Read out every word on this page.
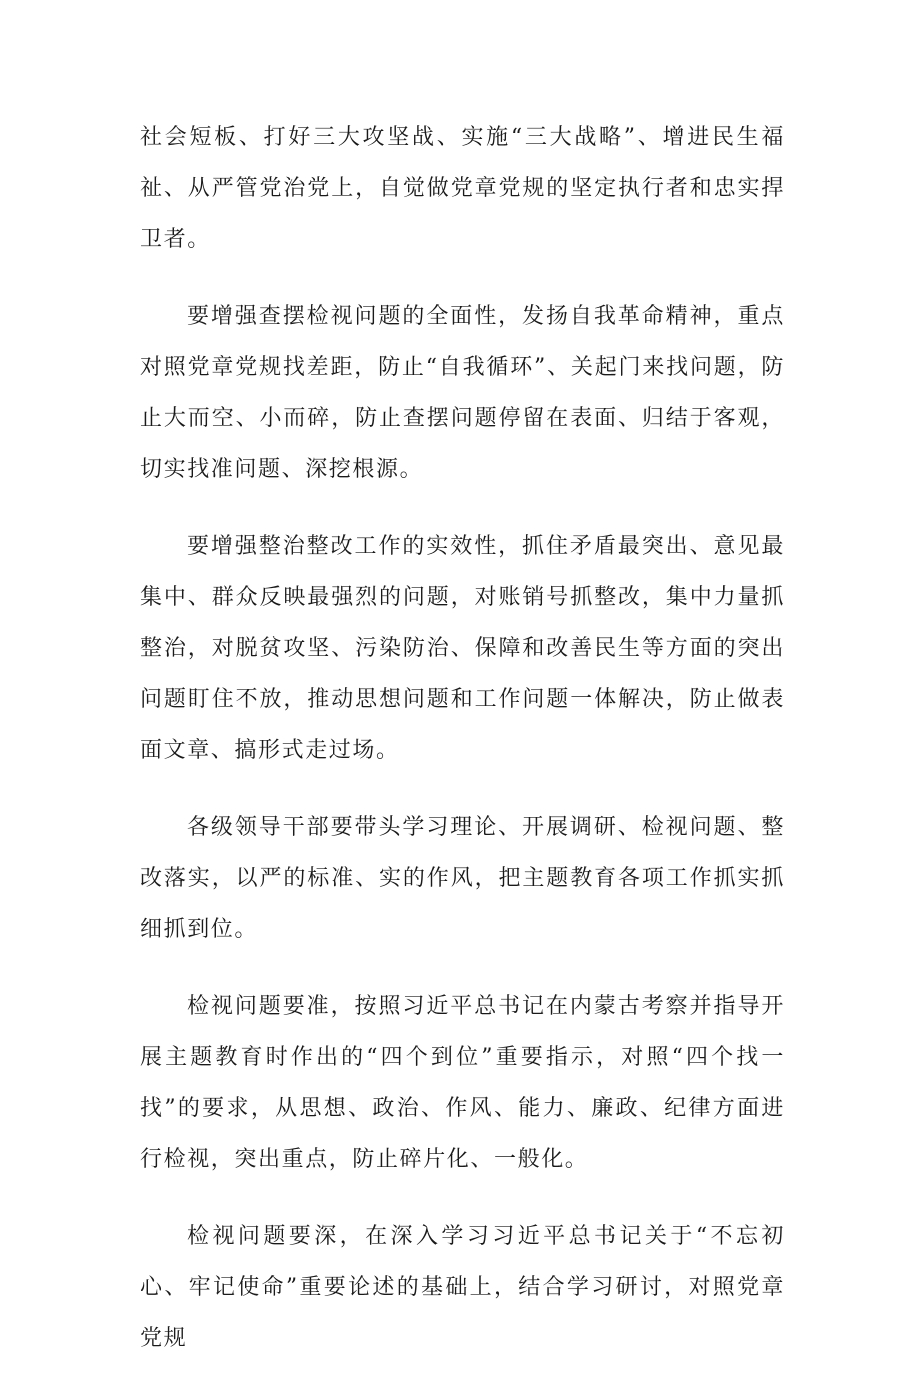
社会短板、打好三大攻坚战、实施“三大战略”、增进民生福祉、从严管党治党上，自觉做党章党规的坚定执行者和忠实捍卫者。

要增强查摆检视问题的全面性，发扬自我革命精神，重点对照党章党规找差距，防止“自我循环”、关起门来找问题，防止大而空、小而碎，防止查摆问题停留在表面、归结于客观，切实找准问题、深挖根源。

要增强整治整改工作的实效性，抓住矛盾最突出、意见最集中、群众反映最强烈的问题，对账销号抓整改，集中力量抓整治，对脱贫攻坚、污染防治、保障和改善民生等方面的突出问题盯住不放，推动思想问题和工作问题一体解决，防止做表面文章、搞形式走过场。

各级领导干部要带头学习理论、开展调研、检视问题、整改落实，以严的标准、实的作风，把主题教育各项工作抓实抓细抓到位。

检视问题要准，按照习近平总书记在内蒙古考察并指导开展主题教育时作出的“四个到位”重要指示，对照“四个找一找”的要求，从思想、政治、作风、能力、廉政、纪律方面进行检视，突出重点，防止碎片化、一般化。

检视问题要深，在深入学习习近平总书记关于“不忘初心、牢记使命”重要论述的基础上，结合学习研讨，对照党章党规
